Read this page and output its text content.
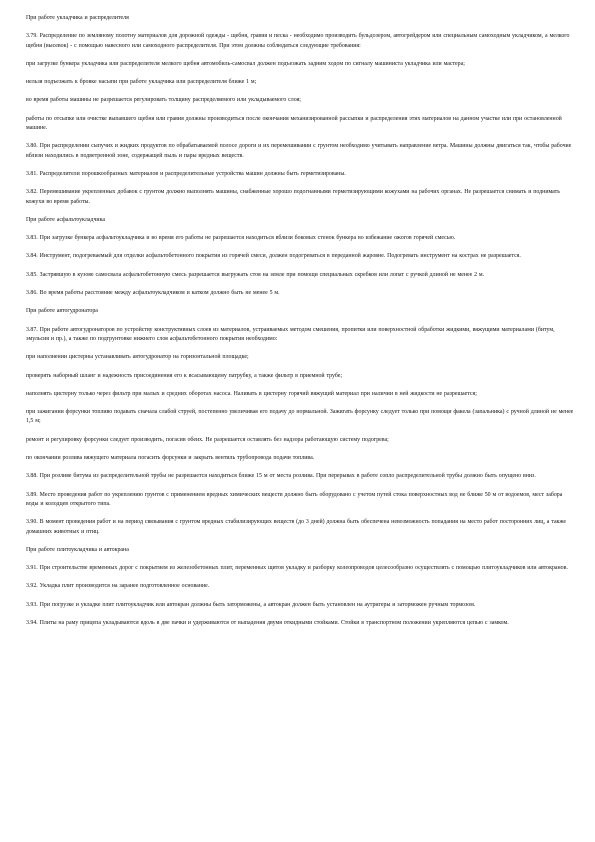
При работе укладчика и распределителя

3.79. Распределение по земляному полотну материалов для дорожной одежды - щебня, гравия и песка - необходимо производить бульдозером, автогрейдером или специальным самоходным укладчиком, а мелкого щебня (высевок) - с помощью навесного или самоходного распределителя. При этом должны соблюдаться следующие требования:

при загрузке бункера укладчика или распределителя мелкого щебня автомобиль-самосвал должен подъезжать задним ходом по сигналу машиниста укладчика или мастера;

нельзя подъезжать к бровке насыпи при работе укладчика или распределителя ближе 1 м;

во время работы машины не разрешается регулировать толщину распределяемого или укладываемого слоя;

работы по отсыпке или очистке выпавшего щебня или гравия должны производиться после окончания механизированной рассыпки и распределения этих материалов на данном участке или при остановленной машине.

3.80. При распределении сыпучих и жидких продуктов по обрабатываемой полосе дороги и их перемешивании с грунтом необходимо учитывать направление ветра. Машины должны двигаться так, чтобы рабочие вблизи находились в подветренной зоне, содержащей пыль и пары вредных веществ.

3.81. Распределители порошкообразных материалов и распределительные устройства машин должны быть герметизированы.

3.82. Перемешивание укрепленных добавок с грунтом должно выполнять машины, снабженные хорошо подогнанными герметизирующими кожухами на рабочих органах. Не разрешается снимать и поднимать кожухи во время работы.

При работе асфальтоукладчика

3.83. При загрузке бункера асфальтоукладчика и во время его работы не разрешается находиться вблизи боковых стенок бункера во избежание ожогов горячей смесью.

3.84. Инструмент, подогреваемый для отделки асфальтобетонного покрытия из горячей смеси, должен подогреваться в переданной жаровне. Подогревать инструмент на кострах не разрешается.

3.85. Застрявшую в кузове самосвала асфальтобетонную смесь разрешается выгружать стоя на земле при помощи специальных скребков или лопат с ручкой длиной не менее 2 м.

3.86. Во время работы расстояние между асфальтоукладчиком и катком должно быть не менее 5 м.

При работе автогудронатора

3.87. При работе автогудронаторов по устройству конструктивных слоев из материалов, устраиваемых методом смешения, пропитки или поверхностной обработки жидкими, вяжущими материалами (битум, эмульсия и пр.), а также по подгрунтовке нижнего слоя асфальтобетонного покрытия необходимо:

при наполнении цистерны устанавливать автогудронатор на горизонтальной площадке;

проверять наборный шланг и надежность присоединения его к всасывающему патрубку, а также фильтр в приемной трубе;

наполнять цистерну только через фильтр при малых и средних оборотах насоса. Наливать в цистерну горячий вяжущий материал при наличии в ней жидкости не разрешается;

при зажигании форсунки топливо подавать сначала слабой струей, постепенно увеличивая его подачу до нормальной. Зажигать форсунку следует только при помощи факела (запальника) с ручной длиной не менее 1,5 м;

ремонт и регулировку форсунки следует производить, погасив обеих. Не разрешается оставлять без надзора работающую систему подогрева;

по окончании розлива вяжущего материала погасить форсунки и закрыть вентиль трубопровода подачи топлива.

3.88. При розливе битума из распределительной трубы не разрешается находиться ближе 15 м от места розлива. При перерывах в работе сопло распределительной трубы должно быть опущено вниз.

3.89. Место проведения работ по укреплению грунтов с применением вредных химических веществ должно быть оборудовано с учетом путей стока поверхностных вод не ближе 50 м от водоемов, мест забора воды и колодцев открытого типа.

3.90. В момент проведения работ и на период связывания с грунтом вредных стабилизирующих веществ (до 3 дней) должна быть обеспечена невозможность попадания на место работ посторонних лиц, а также домашних животных и птиц.

При работе плитоукладчика и автокрана

3.91. При строительстве временных дорог с покрытием из железобетонных плит, переменных щитов укладку и разборку колеопроводов целесообразно осуществлять с помощью плитоукладчиков или автокранов.

3.92. Укладка плит производится на заранее подготовленное основание.

3.93. При погрузке и укладке плит плитоукладчик или автокран должны быть заторможены, а автокран должен быть установлен на аутригеры и заторможен ручным тормозом.

3.94. Плиты на раму прицепа укладываются вдоль в две пачки и удерживаются от выпадения двумя откидными стойками. Стойки в транспортном положении укрепляются цепью с замком.
